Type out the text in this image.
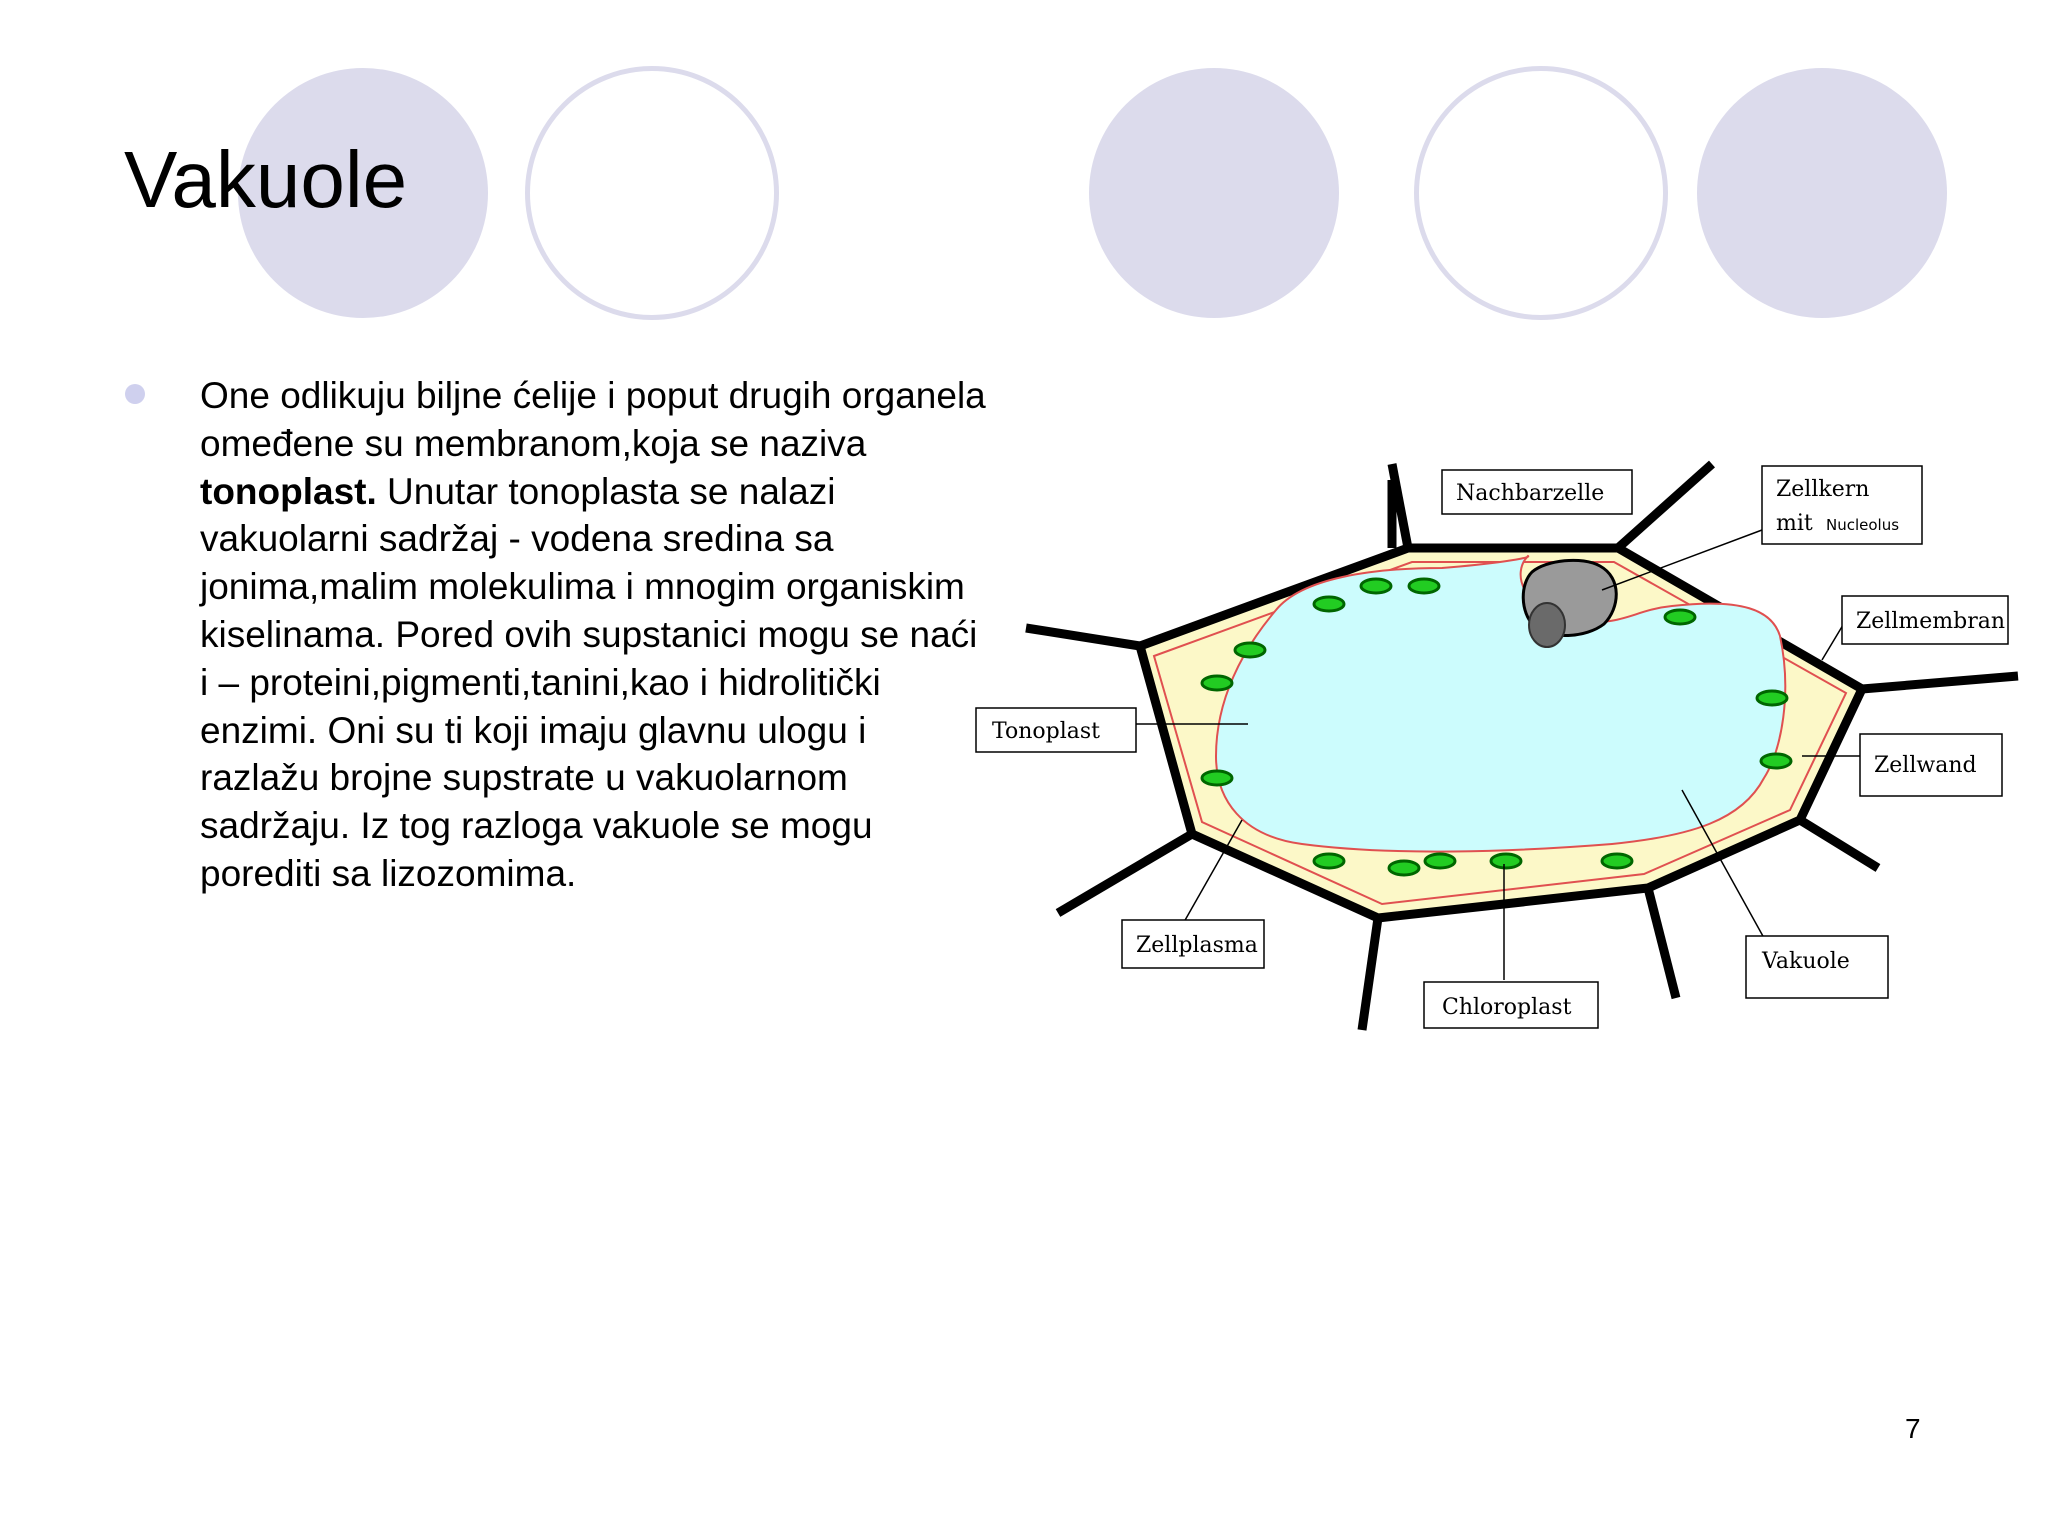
Vakuole

One odlikuju biljne ćelije i poput drugih organela omeđene su membranom,koja se naziva tonoplast. Unutar tonoplasta se nalazi vakuolarni sadržaj - vodena sredina sa jonima,malim molekulima i mnogim organiskim kiselinama. Pored ovih supstanici mogu se naći i – proteini,pigmenti,tanini,kao i hidrolitički enzimi. Oni su ti koji imaju glavnu ulogu i razlažu brojne supstrate u vakuolarnom sadržaju. Iz tog razloga vakuole se mogu porediti sa lizozomima.

Nachbarzelle	Zellkern
mit Nucleolus
Zellmembran
Zellwand
Tonoplast
Zellplasma
Chloroplast
Vakuole
7
